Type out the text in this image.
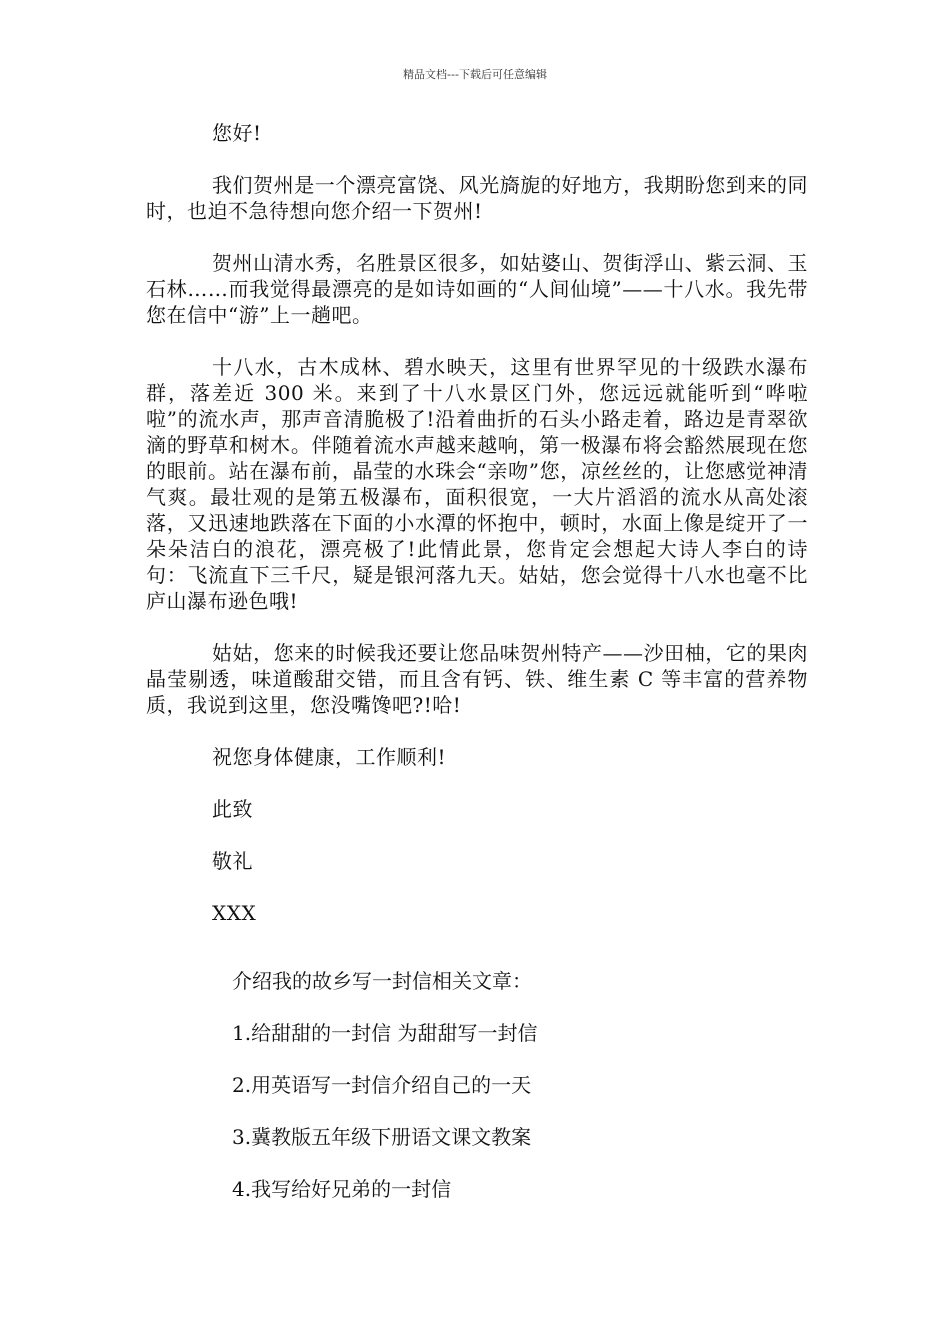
精品文档---下载后可任意编辑

您好!

我们贺州是一个漂亮富饶、风光旖旎的好地方，我期盼您到来的同时，也迫不急待想向您介绍一下贺州!

贺州山清水秀，名胜景区很多，如姑婆山、贺街浮山、紫云洞、玉石林……而我觉得最漂亮的是如诗如画的“人间仙境”——十八水。我先带您在信中“游”上一趟吧。

十八水，古木成林、碧水映天，这里有世界罕见的十级跌水瀑布群，落差近 300 米。来到了十八水景区门外，您远远就能听到“哗啦啦”的流水声，那声音清脆极了!沿着曲折的石头小路走着，路边是青翠欲滴的野草和树木。伴随着流水声越来越响，第一极瀑布将会豁然展现在您的眼前。站在瀑布前，晶莹的水珠会“亲吻”您，凉丝丝的，让您感觉神清气爽。最壮观的是第五极瀑布，面积很宽，一大片滔滔的流水从高处滚落，又迅速地跌落在下面的小水潭的怀抱中，顿时，水面上像是绽开了一朵朵洁白的浪花，漂亮极了!此情此景，您肯定会想起大诗人李白的诗句：飞流直下三千尺，疑是银河落九天。姑姑，您会觉得十八水也毫不比庐山瀑布逊色哦!

姑姑，您来的时候我还要让您品味贺州特产——沙田柚，它的果肉晶莹剔透，味道酸甜交错，而且含有钙、铁、维生素 C 等丰富的营养物质，我说到这里，您没嘴馋吧?!哈!

祝您身体健康，工作顺利!

此致

敬礼

XXX

介绍我的故乡写一封信相关文章：

1.给甜甜的一封信 为甜甜写一封信

2.用英语写一封信介绍自己的一天

3.冀教版五年级下册语文课文教案

4.我写给好兄弟的一封信
